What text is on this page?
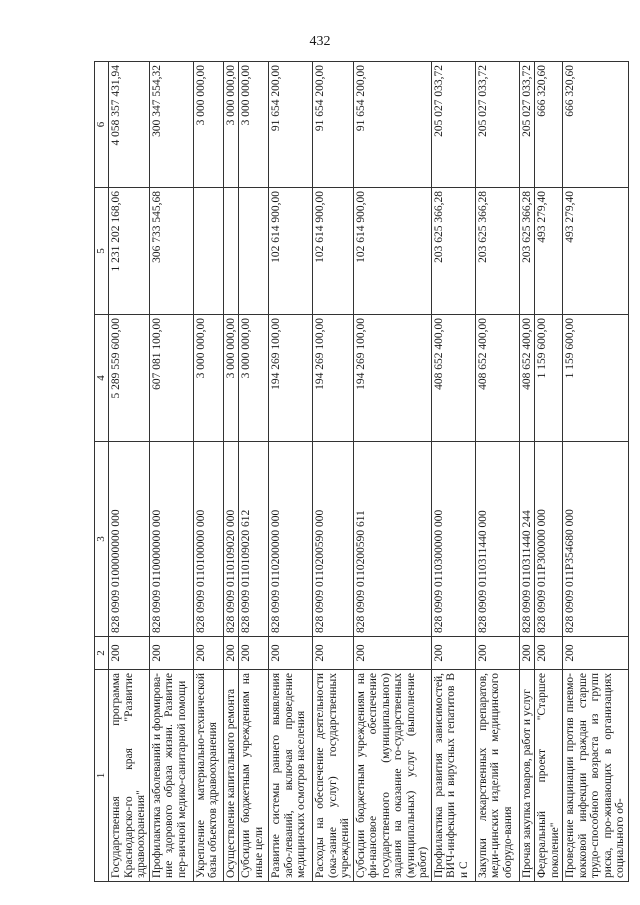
432
1	2	3	4	5	6
Государственная программа Краснодарско-го края "Развитие здравоохранения"	200	828 0909 0100000000 000	5 289 559 600,00	1 231 202 168,06	4 058 357 431,94
Профилактика заболеваний и формирова-ние здорового образа жизни. Развитие пер-вичной медико-санитарной помощи	200	828 0909 0110000000 000	607 081 100,00	306 733 545,68	300 347 554,32
Укрепление материально-технической базы объектов здравоохранения	200	828 0909 0110100000 000	3 000 000,00		3 000 000,00
Осуществление капитального ремонта	200	828 0909 0110109020 000	3 000 000,00		3 000 000,00
Субсидии бюджетным учреждениям на иные цели	200	828 0909 0110109020 612	3 000 000,00		3 000 000,00
Развитие системы раннего выявления забо-леваний, включая проведение медицинских осмотров населения	200	828 0909 0110200000 000	194 269 100,00	102 614 900,00	91 654 200,00
Расходы на обеспечение деятельности (ока-зание услуг) государственных учреждений	200	828 0909 0110200590 000	194 269 100,00	102 614 900,00	91 654 200,00
Субсидии бюджетным учреждениям на фи-нансовое обеспечение государственного (муниципального) задания на оказание го-сударственных (муниципальных) услуг (выполнение работ)	200	828 0909 0110200590 611	194 269 100,00	102 614 900,00	91 654 200,00
Профилактика развития зависимостей, ВИЧ-инфекции и вирусных гепатитов В и С	200	828 0909 0110300000 000	408 652 400,00	203 625 366,28	205 027 033,72
Закупки лекарственных препаратов, меди-цинских изделий и медицинского оборудо-вания	200	828 0909 0110311440 000	408 652 400,00	203 625 366,28	205 027 033,72
Прочая закупка товаров, работ и услуг	200	828 0909 0110311440 244	408 652 400,00	203 625 366,28	205 027 033,72
Федеральный проект "Старшее поколение"	200	828 0909 011P300000 000	1 159 600,00	493 279,40	666 320,60
Проведение вакцинации против пневмо-кокковой инфекции граждан старше трудо-способного возраста из групп риска, про-живающих в организациях социального об-	200	828 0909 011P354680 000	1 159 600,00	493 279,40	666 320,60
